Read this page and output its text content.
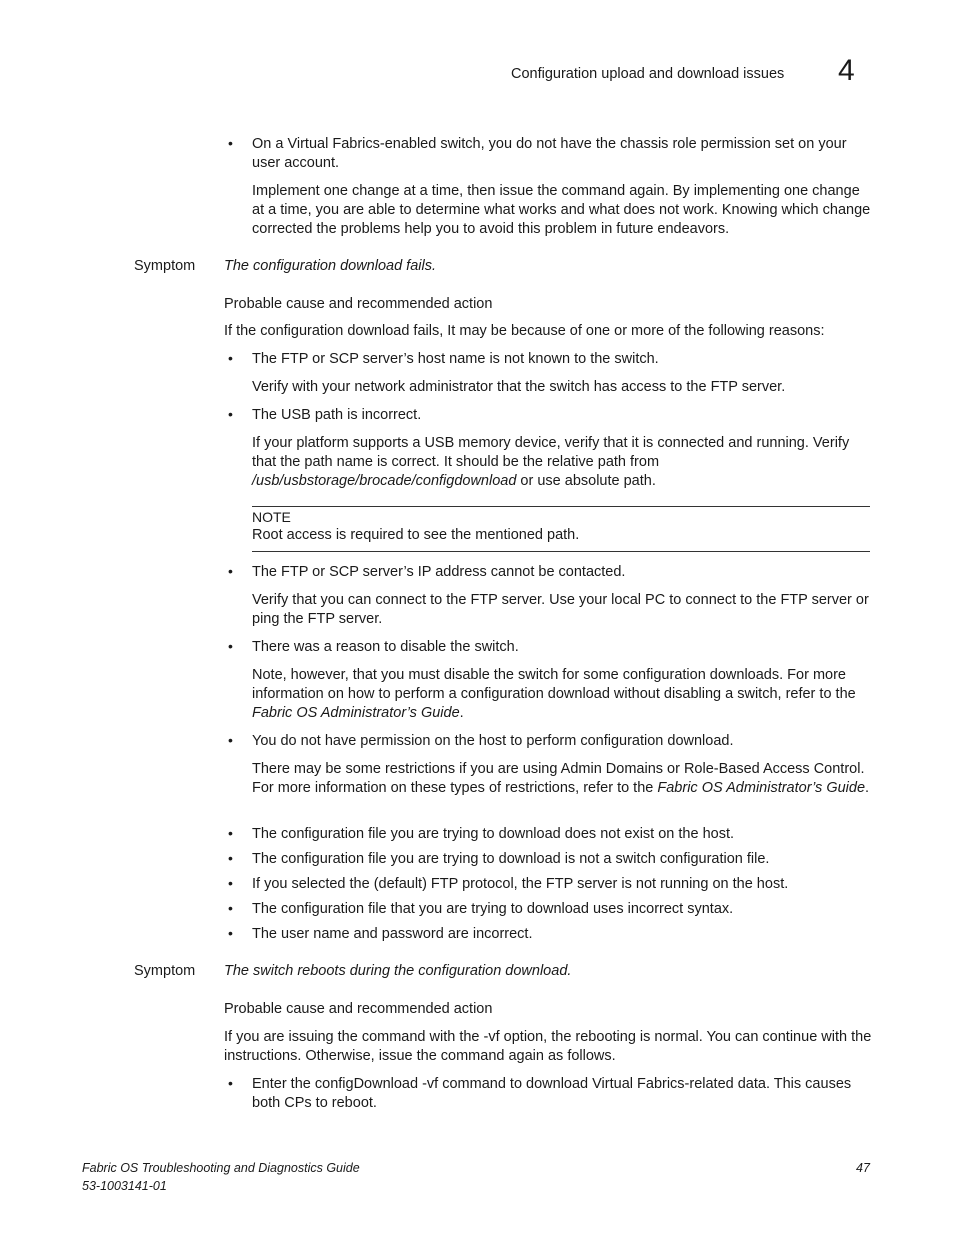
Configuration upload and download issues 4
• On a Virtual Fabrics-enabled switch, you do not have the chassis role permission set on your user account.
Implement one change at a time, then issue the command again. By implementing one change at a time, you are able to determine what works and what does not work. Knowing which change corrected the problems help you to avoid this problem in future endeavors.
Symptom The configuration download fails.
Probable cause and recommended action
If the configuration download fails, It may be because of one or more of the following reasons:
• The FTP or SCP server’s host name is not known to the switch.
Verify with your network administrator that the switch has access to the FTP server.
• The USB path is incorrect.
If your platform supports a USB memory device, verify that it is connected and running. Verify that the path name is correct. It should be the relative path from
/usb/usbstorage/brocade/configdownload or use absolute path.
NOTE
Root access is required to see the mentioned path.
• The FTP or SCP server’s IP address cannot be contacted.
Verify that you can connect to the FTP server. Use your local PC to connect to the FTP server or ping the FTP server.
• There was a reason to disable the switch.
Note, however, that you must disable the switch for some configuration downloads. For more information on how to perform a configuration download without disabling a switch, refer to the Fabric OS Administrator’s Guide.
• You do not have permission on the host to perform configuration download.
There may be some restrictions if you are using Admin Domains or Role-Based Access Control. For more information on these types of restrictions, refer to the Fabric OS Administrator’s Guide.
• The configuration file you are trying to download does not exist on the host.
• The configuration file you are trying to download is not a switch configuration file.
• If you selected the (default) FTP protocol, the FTP server is not running on the host.
• The configuration file that you are trying to download uses incorrect syntax.
• The user name and password are incorrect.
Symptom The switch reboots during the configuration download.
Probable cause and recommended action
If you are issuing the command with the -vf option, the rebooting is normal. You can continue with the instructions. Otherwise, issue the command again as follows.
• Enter the configDownload -vf command to download Virtual Fabrics-related data. This causes both CPs to reboot.
Fabric OS Troubleshooting and Diagnostics Guide
53-1003141-01
47
